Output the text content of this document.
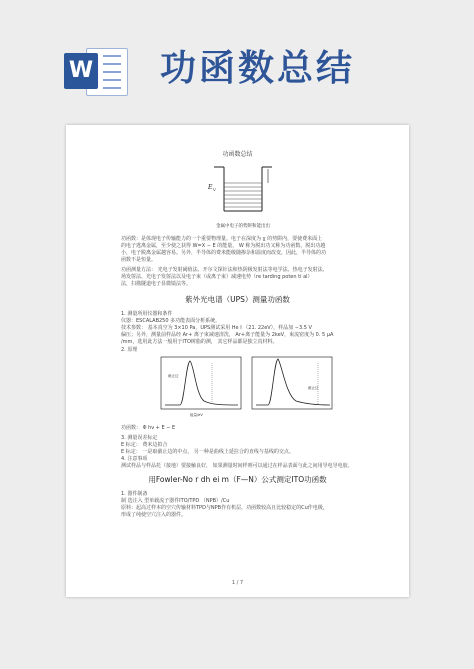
W 功函数总结
功函数总结
E V
金属中电子的势阱和能出出
功函数：是体现电子传输能力的一个重要物理量。电子在深度为 χ 的势阱内，要使费米面上
的电子逃离金属，至少使之获得 W=X − E 的能量， W 称为脱出功又称为功函数。脱出功越
小，电子脱离金属越容易。另外，半导体的费米能级随掺杂和温度而改变，因此，半导体的功
函数不是恒量。
功函测量方法： 光电子发射阈值法、开尔文探针法和热阴极发射法等电学法、热电子发射法、
场发射法、光电子发射法以及电子束（或离子束）减速电势（re tarding poten ti al）
法，扫描隧道电子显微镜法等。
紫外光电谱（UPS）测量功函数
1. 测量所用仪器和条件
仪器：ESCALAB250 多功能表面分析系统。
技术参数： 基本真空为 3×10 Pa，UPS测试采用 He I （21. 22eV），样品加 −3.5 V
偏压；另外，测量前样品经 Ar+ 离子束减速清洗， Ar+离子能量为 2keV，束流密度为 0. 5 μA
/mm，选用此方法一般用于ITO树脂的测， 其它样品都是独立真材料。
2. 原理
截止边
截止边
能量/eV
功函数： Φ hν + E − E
3. 测量误差标定
E 标定： 费米边拟合
E 标定： 一是取截止边的中点， 另一种是曲线上延拉合的直线与基线的交点。
4. 注意事项
测试样品与样品托（接地）要接触良好， 如果测量时间样则可以通过在样品表面与此之间用导电导电胶。
用Fowler-No r dh ei m（F—N）公式测定ITO功函数
1. 器件制备
制 选注入 型单载流子器件ITO/TPD （NPB）/Cu
原料：起高过样本的空穴传输材料TPD与NPB作有机层，功函数较高且比较稳定的Cu作电极，
形成了纯使空穴注入的器件。
1 / 7
